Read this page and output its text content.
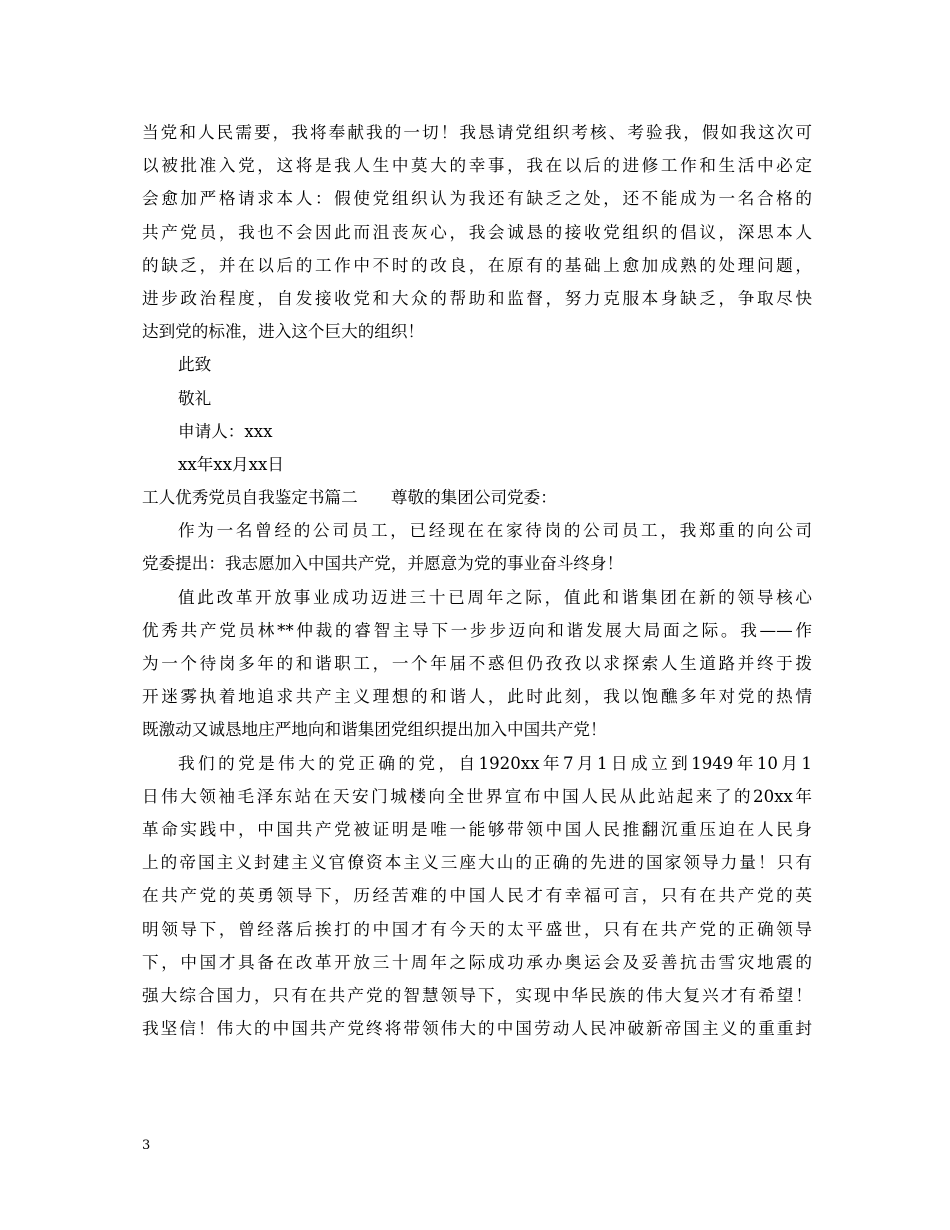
当党和人民需要，我将奉献我的一切！我恳请党组织考核、考验我，假如我这次可
以被批准入党，这将是我人生中莫大的幸事，我在以后的进修工作和生活中必定
会愈加严格请求本人：假使党组织认为我还有缺乏之处，还不能成为一名合格的
共产党员，我也不会因此而沮丧灰心，我会诚恳的接收党组织的倡议，深思本人
的缺乏，并在以后的工作中不时的改良，在原有的基础上愈加成熟的处理问题，
进步政治程度，自发接收党和大众的帮助和监督，努力克服本身缺乏，争取尽快
达到党的标准，进入这个巨大的组织！
此致
敬礼
申请人：xxx
xx年xx月xx日
工人优秀党员自我鉴定书篇二　　尊敬的集团公司党委：
作为一名曾经的公司员工，已经现在在家待岗的公司员工，我郑重的向公司
党委提出：我志愿加入中国共产党，并愿意为党的事业奋斗终身！
值此改革开放事业成功迈进三十已周年之际，值此和谐集团在新的领导核心
优秀共产党员林**仲裁的睿智主导下一步步迈向和谐发展大局面之际。我——作
为一个待岗多年的和谐职工，一个年届不惑但仍孜孜以求探索人生道路并终于拨
开迷雾执着地追求共产主义理想的和谐人，此时此刻，我以饱醮多年对党的热情
既激动又诚恳地庄严地向和谐集团党组织提出加入中国共产党！
我们的党是伟大的党正确的党，自1920xx年7月1日成立到1949年10月1
日伟大领袖毛泽东站在天安门城楼向全世界宣布中国人民从此站起来了的20xx年
革命实践中，中国共产党被证明是唯一能够带领中国人民推翻沉重压迫在人民身
上的帝国主义封建主义官僚资本主义三座大山的正确的先进的国家领导力量！只有
在共产党的英勇领导下，历经苦难的中国人民才有幸福可言，只有在共产党的英
明领导下，曾经落后挨打的中国才有今天的太平盛世，只有在共产党的正确领导
下，中国才具备在改革开放三十周年之际成功承办奥运会及妥善抗击雪灾地震的
强大综合国力，只有在共产党的智慧领导下，实现中华民族的伟大复兴才有希望！
我坚信！伟大的中国共产党终将带领伟大的中国劳动人民冲破新帝国主义的重重封
3
